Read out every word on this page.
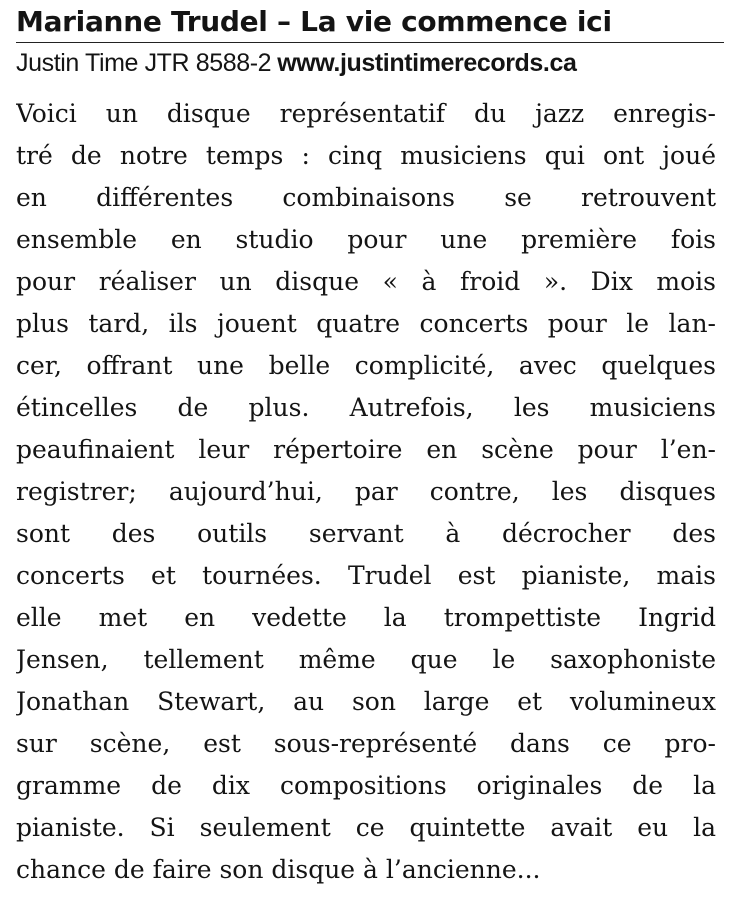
Marianne Trudel – La vie commence ici
Justin Time JTR 8588-2 www.justintimerecords.ca
Voici un disque représentatif du jazz enregis-
tré de notre temps : cinq musiciens qui ont joué
en différentes combinaisons se retrouvent
ensemble en studio pour une première fois
pour réaliser un disque « à froid ». Dix mois
plus tard, ils jouent quatre concerts pour le lan-
cer, offrant une belle complicité, avec quelques
étincelles de plus. Autrefois, les musiciens
peaufinaient leur répertoire en scène pour l’en-
registrer; aujourd’hui, par contre, les disques
sont des outils servant à décrocher des
concerts et tournées. Trudel est pianiste, mais
elle met en vedette la trompettiste Ingrid
Jensen, tellement même que le saxophoniste
Jonathan Stewart, au son large et volumineux
sur scène, est sous-représenté dans ce pro-
gramme de dix compositions originales de la
pianiste. Si seulement ce quintette avait eu la
chance de faire son disque à l’ancienne...
